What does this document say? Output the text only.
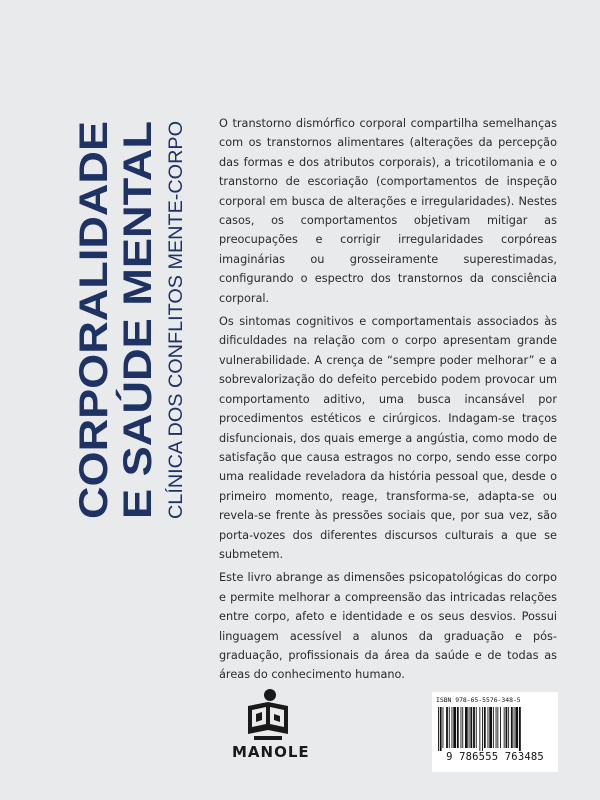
CORPORALIDADE E SAÚDE MENTAL CLÍNICA DOS CONFLITOS MENTE-CORPO

O transtorno dismórfico corporal compartilha semelhanças com os transtornos alimentares (alterações da percepção das formas e dos atributos corporais), a tricotilomania e o transtorno de escoriação (comportamentos de inspeção corporal em busca de alterações e irregularidades). Nestes casos, os comportamentos objetivam mitigar as preocupações e corrigir irregularidades corpóreas imaginárias ou grosseiramente superestimadas, configurando o espectro dos transtornos da consciência corporal.

Os sintomas cognitivos e comportamentais associados às dificuldades na relação com o corpo apresentam grande vulnerabilidade. A crença de “sempre poder melhorar” e a sobrevalorização do defeito percebido podem provocar um comportamento aditivo, uma busca incansável por procedimentos estéticos e cirúrgicos. Indagam-se traços disfuncionais, dos quais emerge a angústia, como modo de satisfação que causa estragos no corpo, sendo esse corpo uma realidade reveladora da história pessoal que, desde o primeiro momento, reage, transforma-se, adapta-se ou revela-se frente às pressões sociais que, por sua vez, são porta-vozes dos diferentes discursos culturais a que se submetem.

Este livro abrange as dimensões psicopatológicas do corpo e permite melhorar a compreensão das intricadas relações entre corpo, afeto e identidade e os seus desvios. Possui linguagem acessível a alunos da graduação e pós-graduação, profissionais da área da saúde e de todas as áreas do conhecimento humano.

MANOLE
ISBN 978-65-5576-348-5
9 786555 763485
